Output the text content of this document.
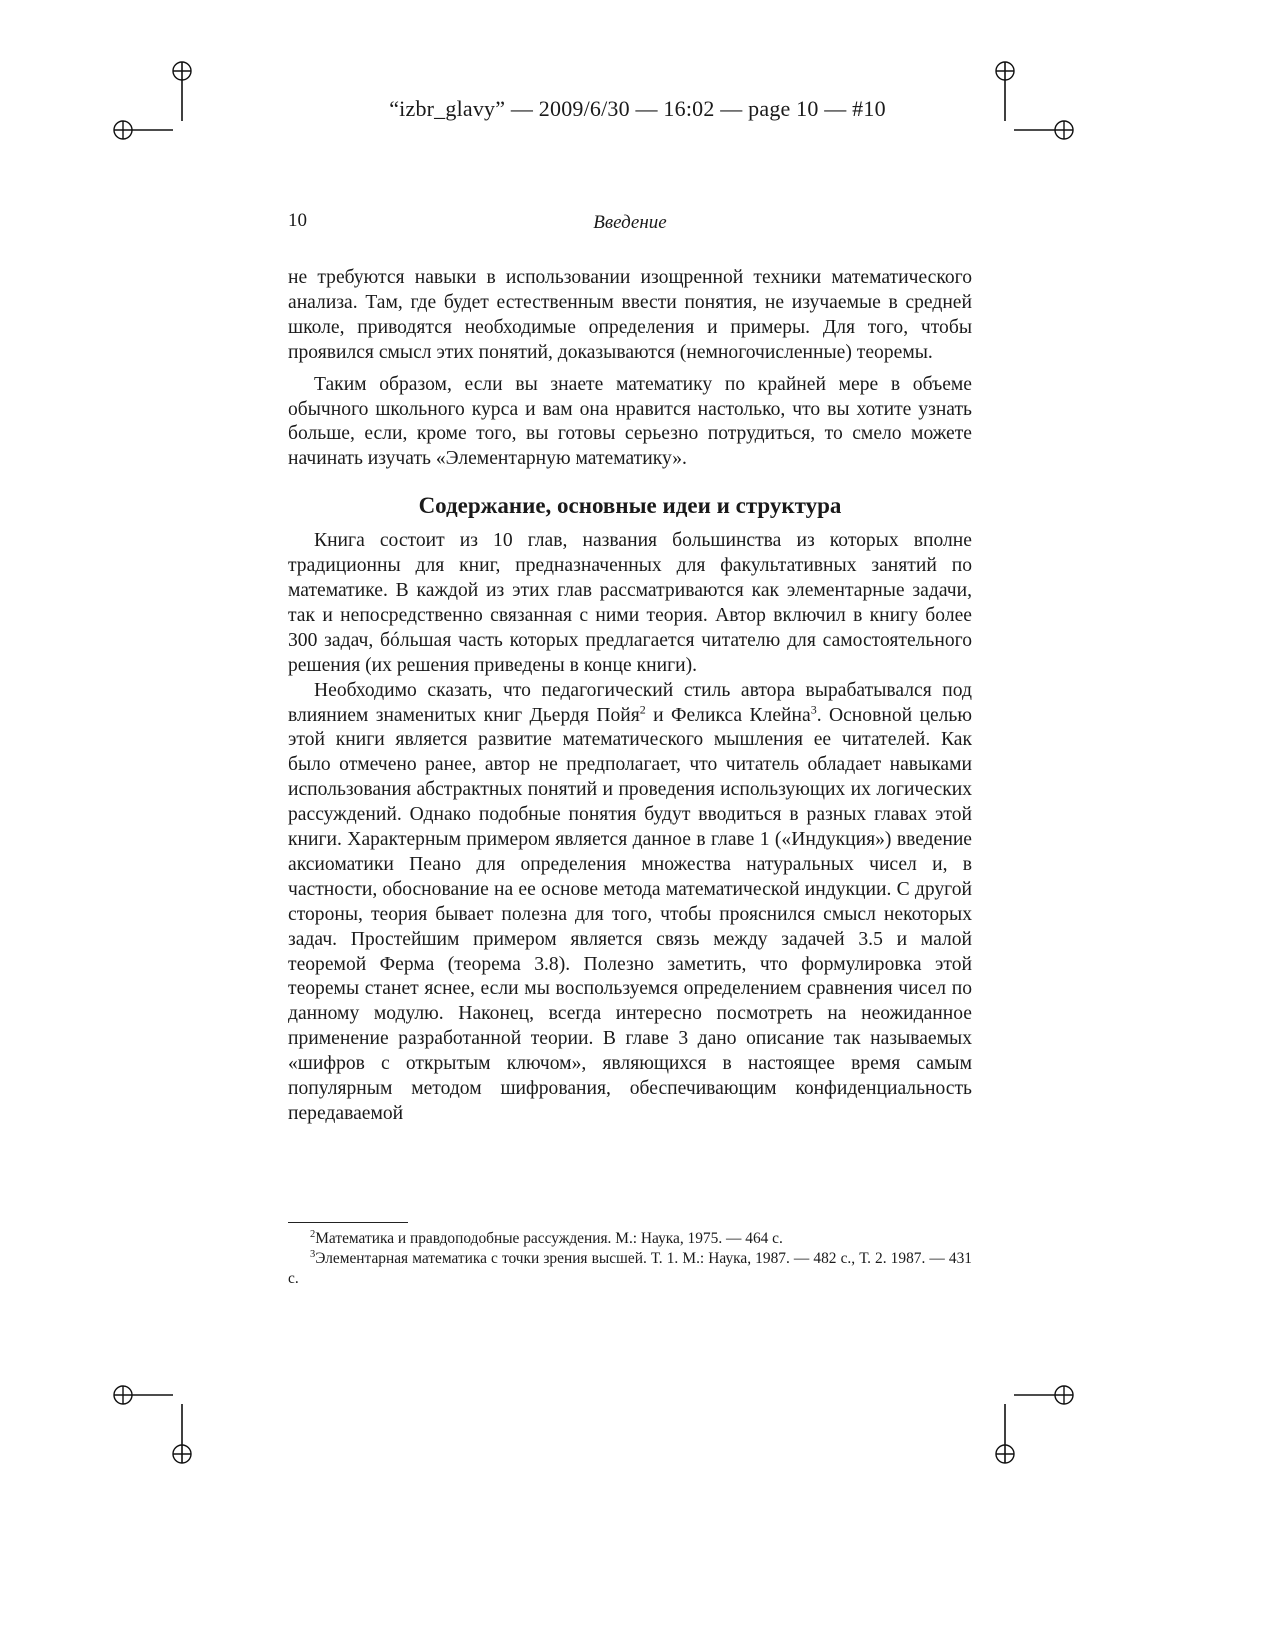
“izbr_glavy” — 2009/6/30 — 16:02 — page 10 — #10
10	Введение

не требуются навыки в использовании изощренной техники математического анализа. Там, где будет естественным ввести понятия, не изучаемые в средней школе, приводятся необходимые определения и примеры. Для того, чтобы проявился смысл этих понятий, доказываются (немногочисленные) теоремы.

Таким образом, если вы знаете математику по крайней мере в объеме обычного школьного курса и вам она нравится настолько, что вы хотите узнать больше, если, кроме того, вы готовы серьезно потрудиться, то смело можете начинать изучать «Элементарную математику».

Содержание, основные идеи и структура

Книга состоит из 10 глав, названия большинства из которых вполне традиционны для книг, предназначенных для факультативных занятий по математике. В каждой из этих глав рассматриваются как элементарные задачи, так и непосредственно связанная с ними теория. Автор включил в книгу более 300 задач, бóльшая часть которых предлагается читателю для самостоятельного решения (их решения приведены в конце книги).

Необходимо сказать, что педагогический стиль автора вырабатывался под влиянием знаменитых книг Дьердя Пойя$^2$ и Феликса Клейна$^3$. Основной целью этой книги является развитие математического мышления ее читателей. Как было отмечено ранее, автор не предполагает, что читатель обладает навыками использования абстрактных понятий и проведения использующих их логических рассуждений. Однако подобные понятия будут вводиться в разных главах этой книги. Характерным примером является данное в главе 1 («Индукция») введение аксиоматики Пеано для определения множества натуральных чисел и, в частности, обоснование на ее основе метода математической индукции. С другой стороны, теория бывает полезна для того, чтобы прояснился смысл некоторых задач. Простейшим примером является связь между задачей 3.5 и малой теоремой Ферма (теорема 3.8). Полезно заметить, что формулировка этой теоремы станет яснее, если мы воспользуемся определением сравнения чисел по данному модулю. Наконец, всегда интересно посмотреть на неожиданное применение разработанной теории. В главе 3 дано описание так называемых «шифров с открытым ключом», являющихся в настоящее время самым популярным методом шифрования, обеспечивающим конфиденциальность передаваемой

$^2$Математика и правдоподобные рассуждения. М.: Наука, 1975. — 464 с.

$^3$Элементарная математика с точки зрения высшей. Т. 1. М.: Наука, 1987. — 482 с., Т. 2. 1987. — 431 с.
